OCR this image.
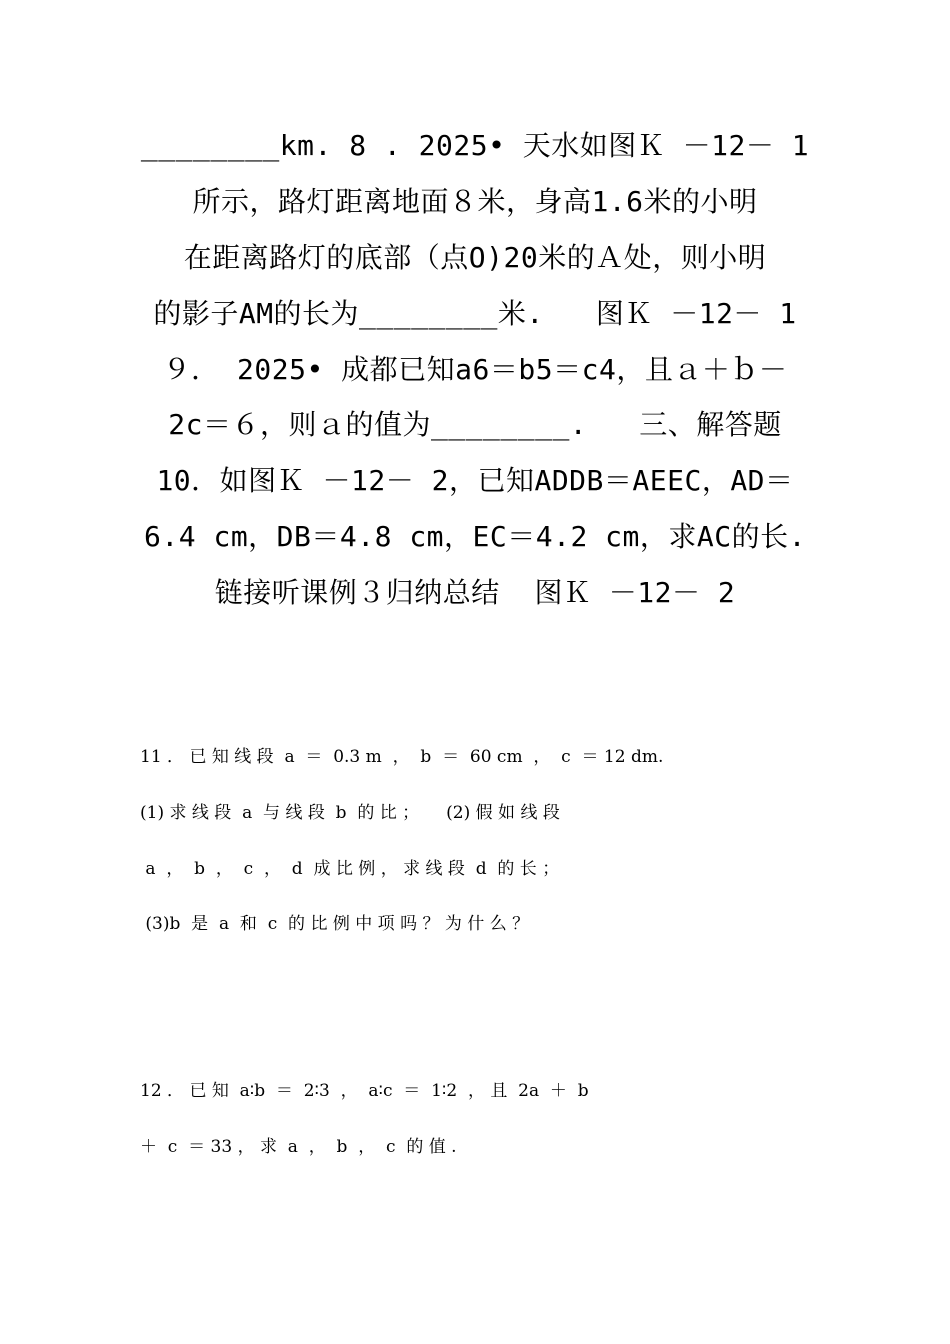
________km. 8 . 2025• 天水如图Ｋ －12－ 1
所示，路灯距离地面８米，身高1.6米的小明
在距离路灯的底部（点O)20米的Ａ处，则小明
的影子AM的长为________米.   图Ｋ －12－ 1
９． 2025• 成都已知a6＝b5＝c4，且ａ＋ｂ－
2c＝６，则ａ的值为________.   三、解答题
10．如图Ｋ －12－ 2，已知ADDB＝AEEC，AD＝
6.4 cm，DB＝4.8 cm，EC＝4.2 cm，求AC的长.
链接听课例３归纳总结  图Ｋ －12－ 2
11 ． 已 知 线 段  a  ＝  0.3 m  ，  b  ＝  60 cm  ，  c  ＝ 12 dm.
(1) 求 线 段  a  与 线 段  b  的 比 ；     (2) 假 如 线 段
a  ，  b  ，  c  ，  d  成 比 例 ， 求 线 段  d  的 长 ；
(3)b  是  a  和  c  的 比 例 中 项 吗 ？ 为 什 么 ？
12 ． 已 知  a∶b  ＝  2∶3  ，  a∶c  ＝  1∶2  ， 且  2a  ＋  b
＋  c  ＝ 33 ， 求  a  ，  b  ，  c  的 值 .
